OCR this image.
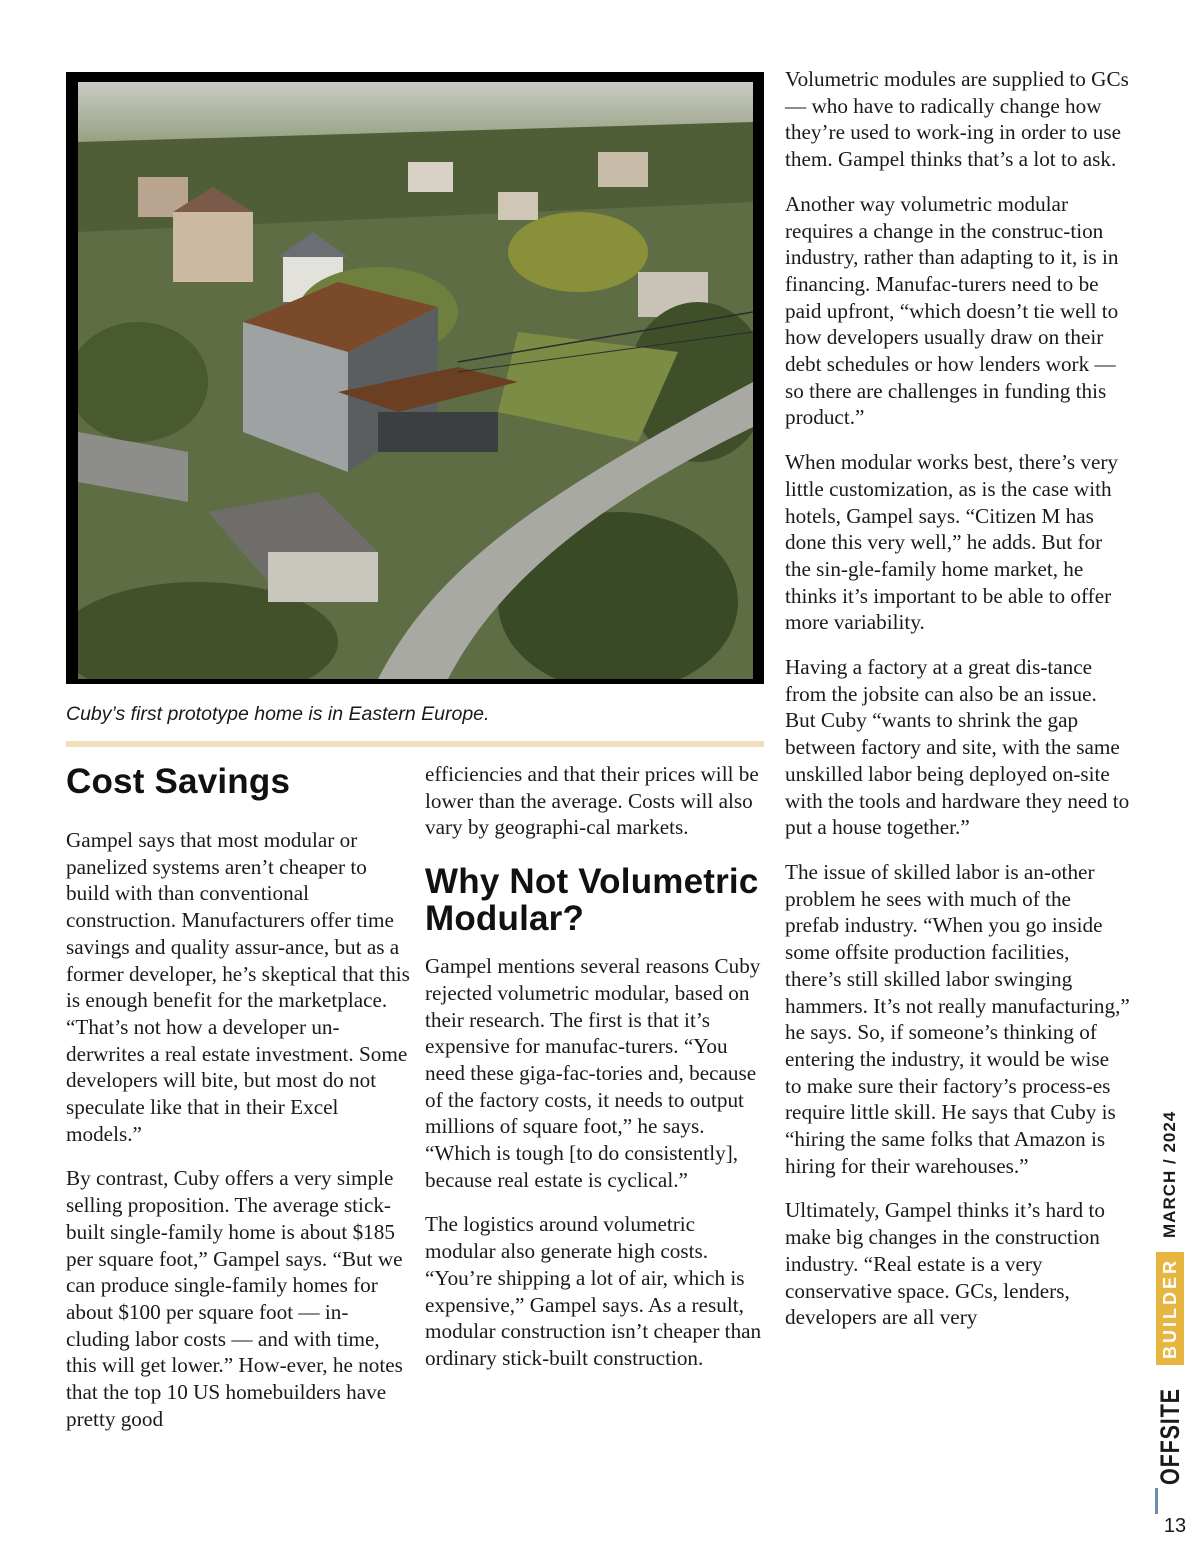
Cuby’s first prototype home is in Eastern Europe.
Cost Savings

Gampel says that most modular or panelized systems aren’t cheaper to build with than conventional construction. Manufacturers offer time savings and quality assur-ance, but as a former developer, he’s skeptical that this is enough benefit for the marketplace. “That’s not how a developer un-derwrites a real estate investment. Some developers will bite, but most do not speculate like that in their Excel models.”

By contrast, Cuby offers a very simple selling proposition. The average stick-built single-family home is about $185 per square foot,” Gampel says. “But we can produce single-family homes for about $100 per square foot — in-cluding labor costs — and with time, this will get lower.” How-ever, he notes that the top 10 US homebuilders have pretty good

efficiencies and that their prices will be lower than the average. Costs will also vary by geographi-cal markets.

Why Not Volumetric Modular?

Gampel mentions several reasons Cuby rejected volumetric modular, based on their research. The first is that it’s expensive for manufac-turers. “You need these giga-fac-tories and, because of the factory costs, it needs to output millions of square foot,” he says. “Which is tough [to do consistently], because real estate is cyclical.”

The logistics around volumetric modular also generate high costs. “You’re shipping a lot of air, which is expensive,” Gampel says. As a result, modular construction isn’t cheaper than ordinary stick-built construction.

Volumetric modules are supplied to GCs — who have to radically change how they’re used to work-ing in order to use them. Gampel thinks that’s a lot to ask.

Another way volumetric modular requires a change in the construc-tion industry, rather than adapting to it, is in financing. Manufac-turers need to be paid upfront, “which doesn’t tie well to how developers usually draw on their debt schedules or how lenders work — so there are challenges in funding this product.”

When modular works best, there’s very little customization, as is the case with hotels, Gampel says. “Citizen M has done this very well,” he adds. But for the sin-gle-family home market, he thinks it’s important to be able to offer more variability.

Having a factory at a great dis-tance from the jobsite can also be an issue. But Cuby “wants to shrink the gap between factory and site, with the same unskilled labor being deployed on-site with the tools and hardware they need to put a house together.”

The issue of skilled labor is an-other problem he sees with much of the prefab industry. “When you go inside some offsite production facilities, there’s still skilled labor swinging hammers. It’s not really manufacturing,” he says. So, if someone’s thinking of entering the industry, it would be wise to make sure their factory’s process-es require little skill. He says that Cuby is “hiring the same folks that Amazon is hiring for their warehouses.”

Ultimately, Gampel thinks it’s hard to make big changes in the construction industry. “Real estate is a very conservative space. GCs, lenders, developers are all very

OFFSITE
BUILDER
MARCH / 2024
13
